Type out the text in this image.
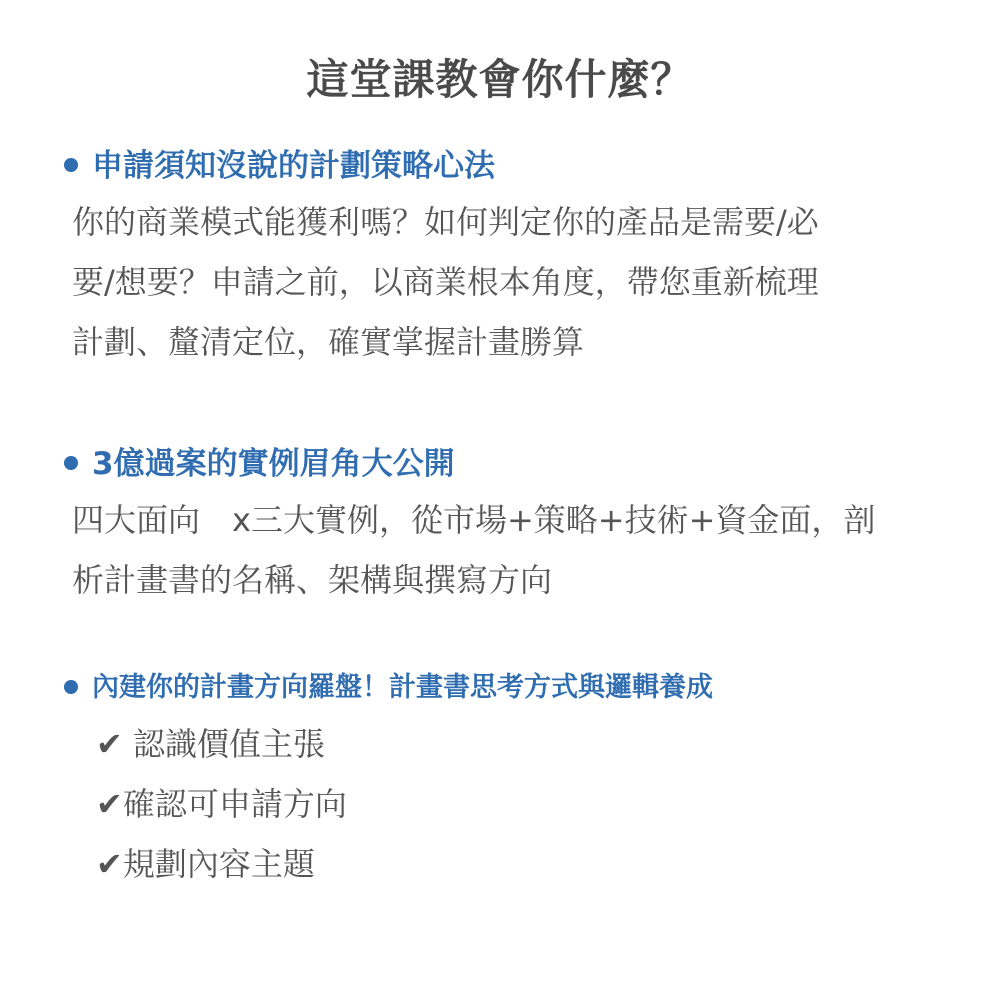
這堂課教會你什麼？
申請須知沒說的計劃策略心法
你的商業模式能獲利嗎？如何判定你的產品是需要/必
要/想要？申請之前，以商業根本角度，帶您重新梳理
計劃、釐清定位，確實掌握計畫勝算
3億過案的實例眉角大公開
四大面向　x三大實例，從市場+策略+技術+資金面，剖
析計畫書的名稱、架構與撰寫方向
內建你的計畫方向羅盤！計畫書思考方式與邏輯養成
✔ 認識價值主張
✔確認可申請方向
✔規劃內容主題
